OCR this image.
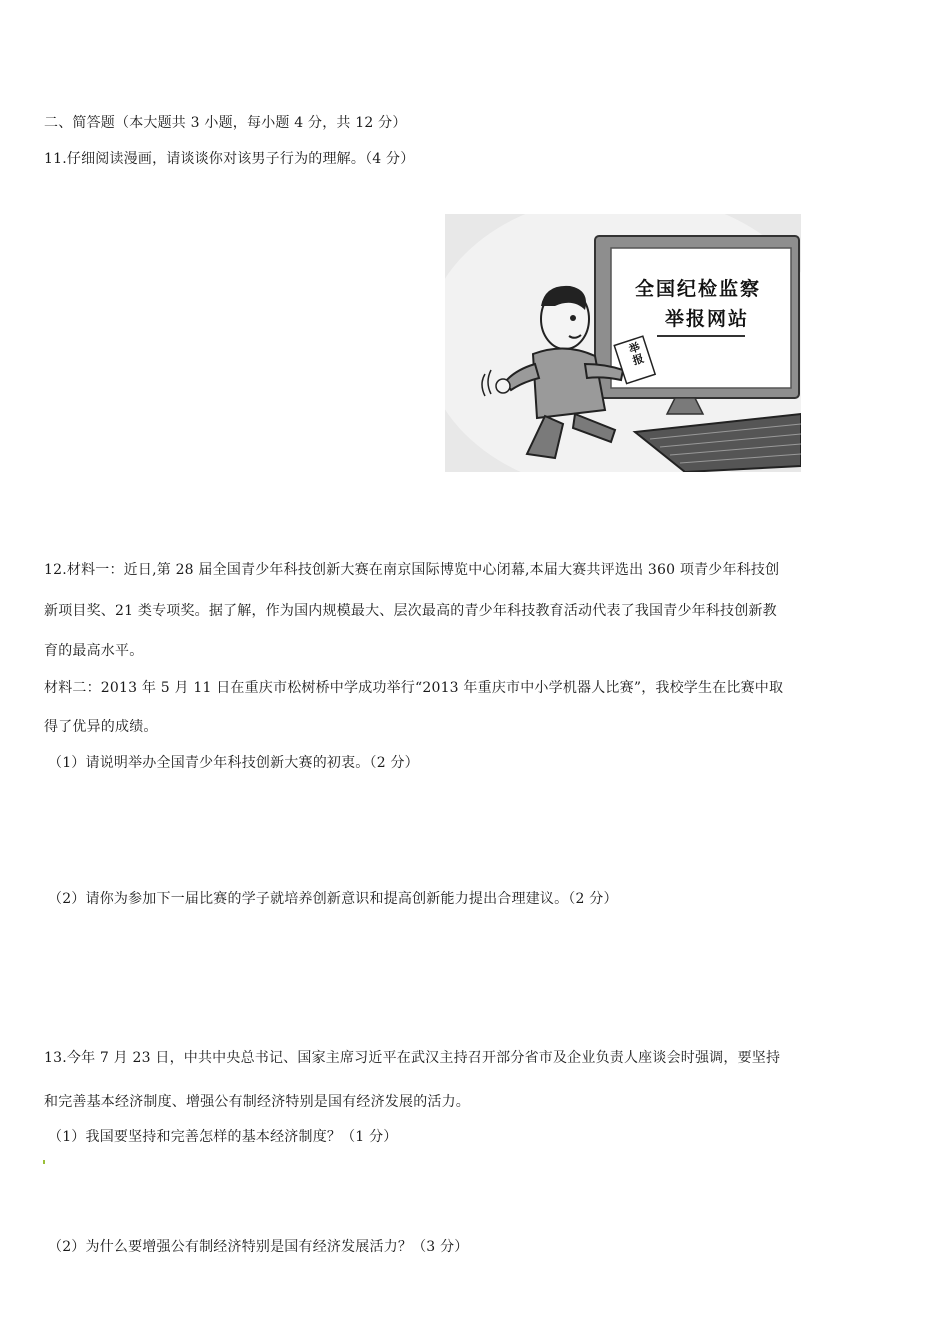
二、简答题（本大题共 3 小题，每小题 4 分，共 12 分）
11.仔细阅读漫画，请谈谈你对该男子行为的理解。（4 分）
全国纪检监察
举报网站
举报
12.材料一：近日,第 28 届全国青少年科技创新大赛在南京国际博览中心闭幕,本届大赛共评选出 360 项青少年科技创
新项目奖、21 类专项奖。据了解，作为国内规模最大、层次最高的青少年科技教育活动代表了我国青少年科技创新教
育的最高水平。
材料二：2013 年 5 月 11 日在重庆市松树桥中学成功举行“2013 年重庆市中小学机器人比赛”，我校学生在比赛中取
得了优异的成绩。
（1）请说明举办全国青少年科技创新大赛的初衷。（2 分）
（2）请你为参加下一届比赛的学子就培养创新意识和提高创新能力提出合理建议。（2 分）
13.今年 7 月 23 日，中共中央总书记、国家主席习近平在武汉主持召开部分省市及企业负责人座谈会时强调，要坚持
和完善基本经济制度、增强公有制经济特别是国有经济发展的活力。
（1）我国要坚持和完善怎样的基本经济制度？（1 分）
（2）为什么要增强公有制经济特别是国有经济发展活力？（3 分）
